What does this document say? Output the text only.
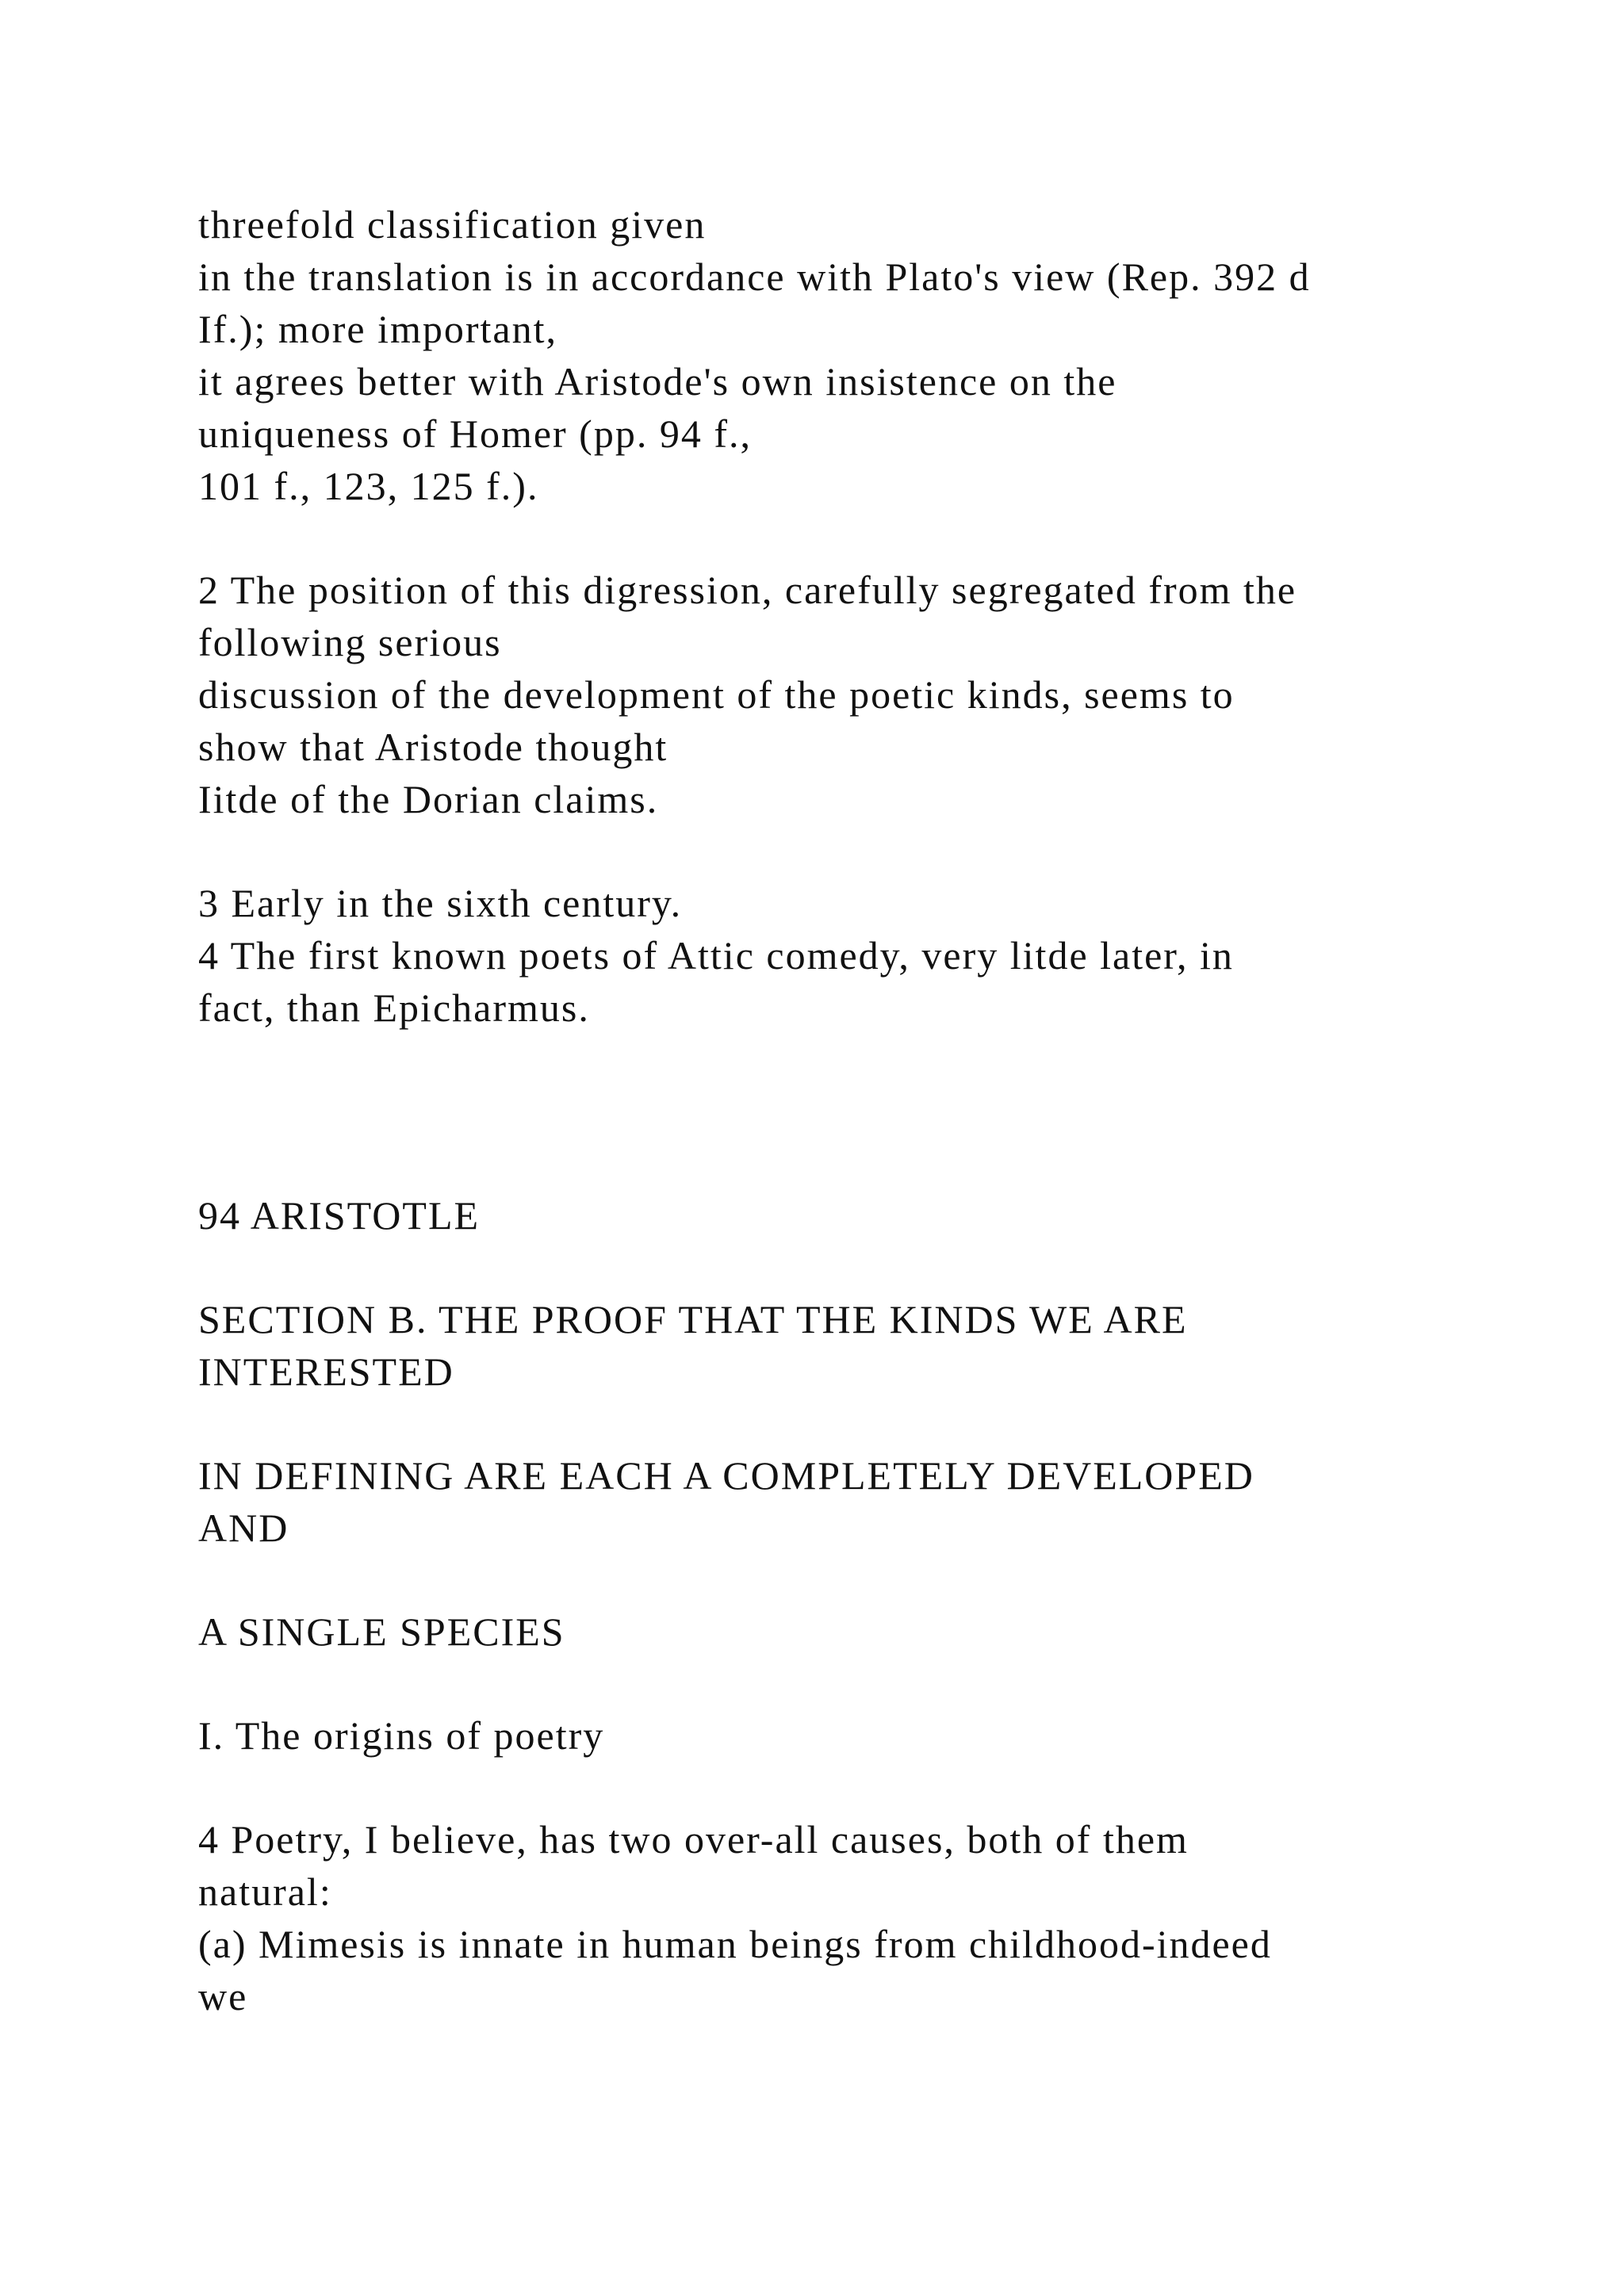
threefold classification given

in the translation is in accordance with Plato's view (Rep. 392 d

If.); more important,

it agrees better with Aristode's own insistence on the

uniqueness of Homer (pp. 94 f.,

101 f., 123, 125 f.).

2 The position of this digression, carefully segregated from the

following serious

discussion of the development of the poetic kinds, seems to

show that Aristode thought

Iitde of the Dorian claims.

3 Early in the sixth century.

4 The first known poets of Attic comedy, very litde later, in

fact, than Epicharmus.

94 ARISTOTLE

SECTION B. THE PROOF THAT THE KINDS WE ARE

INTERESTED

IN DEFINING ARE EACH A COMPLETELY DEVELOPED

AND

A SINGLE SPECIES

I. The origins of poetry

4 Poetry, I believe, has two over-all causes, both of them

natural:

(a) Mimesis is innate in human beings from childhood-indeed

we
